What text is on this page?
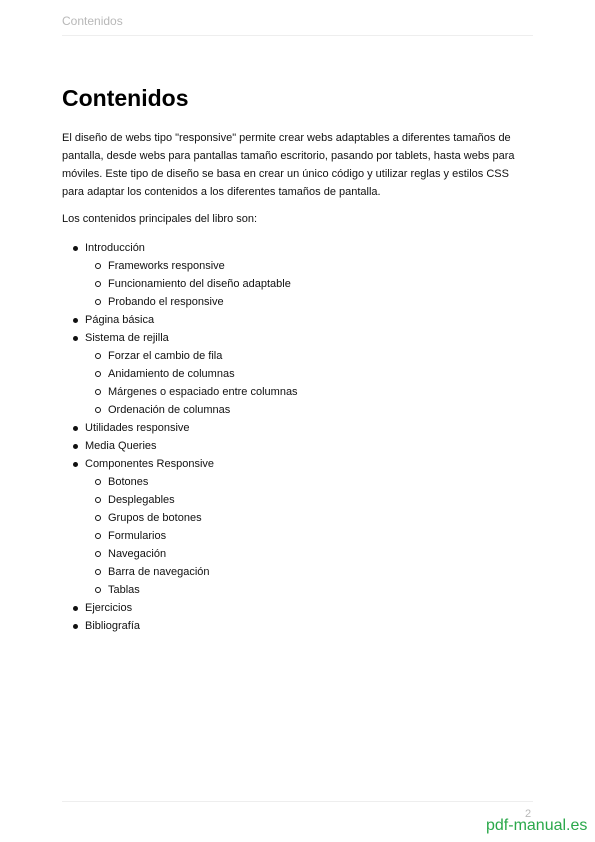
Contenidos
Contenidos

El diseño de webs tipo "responsive" permite crear webs adaptables a diferentes tamaños de pantalla, desde webs para pantallas tamaño escritorio, pasando por tablets, hasta webs para móviles. Este tipo de diseño se basa en crear un único código y utilizar reglas y estilos CSS para adaptar los contenidos a los diferentes tamaños de pantalla.

Los contenidos principales del libro son:

Introducción
Frameworks responsive
Funcionamiento del diseño adaptable
Probando el responsive
Página básica
Sistema de rejilla
Forzar el cambio de fila
Anidamiento de columnas
Márgenes o espaciado entre columnas
Ordenación de columnas
Utilidades responsive
Media Queries
Componentes Responsive
Botones
Desplegables
Grupos de botones
Formularios
Navegación
Barra de navegación
Tablas
Ejercicios
Bibliografía
2
pdf-manual.es
